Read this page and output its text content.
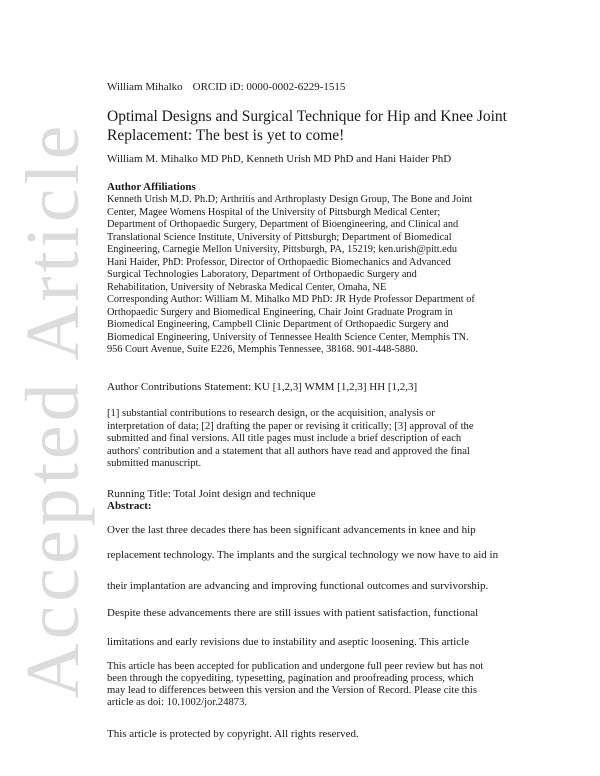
Accepted Article
William Mihalko ORCID iD: 0000-0002-6229-1515
Optimal Designs and Surgical Technique for Hip and Knee Joint
Replacement: The best is yet to come!
William M. Mihalko MD PhD, Kenneth Urish MD PhD and Hani Haider PhD
Author Affiliations
Kenneth Urish M.D. Ph.D; Arthritis and Arthroplasty Design Group, The Bone and Joint
Center, Magee Womens Hospital of the University of Pittsburgh Medical Center;
Department of Orthopaedic Surgery, Department of Bioengineering, and Clinical and
Translational Science Institute, University of Pittsburgh; Department of Biomedical
Engineering, Carnegie Mellon University, Pittsburgh, PA, 15219; ken.urish@pitt.edu
Hani Haider, PhD: Professor, Director of Orthopaedic Biomechanics and Advanced
Surgical Technologies Laboratory, Department of Orthopaedic Surgery and
Rehabilitation, University of Nebraska Medical Center, Omaha, NE
Corresponding Author: William M. Mihalko MD PhD: JR Hyde Professor Department of
Orthopaedic Surgery and Biomedical Engineering, Chair Joint Graduate Program in
Biomedical Engineering, Campbell Clinic Department of Orthopaedic Surgery and
Biomedical Engineering, University of Tennessee Health Science Center, Memphis TN.
956 Court Avenue, Suite E226, Memphis Tennessee, 38168. 901-448-5880.
Author Contributions Statement: KU [1,2,3] WMM [1,2,3] HH [1,2,3]
[1] substantial contributions to research design, or the acquisition, analysis or
interpretation of data; [2] drafting the paper or revising it critically; [3] approval of the
submitted and final versions. All title pages must include a brief description of each
authors' contribution and a statement that all authors have read and approved the final
submitted manuscript.
Running Title: Total Joint design and technique
Abstract:
Over the last three decades there has been significant advancements in knee and hip
replacement technology. The implants and the surgical technology we now have to aid in
their implantation are advancing and improving functional outcomes and survivorship.
Despite these advancements there are still issues with patient satisfaction, functional
limitations and early revisions due to instability and aseptic loosening. This article
This article has been accepted for publication and undergone full peer review but has not
been through the copyediting, typesetting, pagination and proofreading process, which
may lead to differences between this version and the Version of Record. Please cite this
article as doi: 10.1002/jor.24873.
This article is protected by copyright. All rights reserved.
